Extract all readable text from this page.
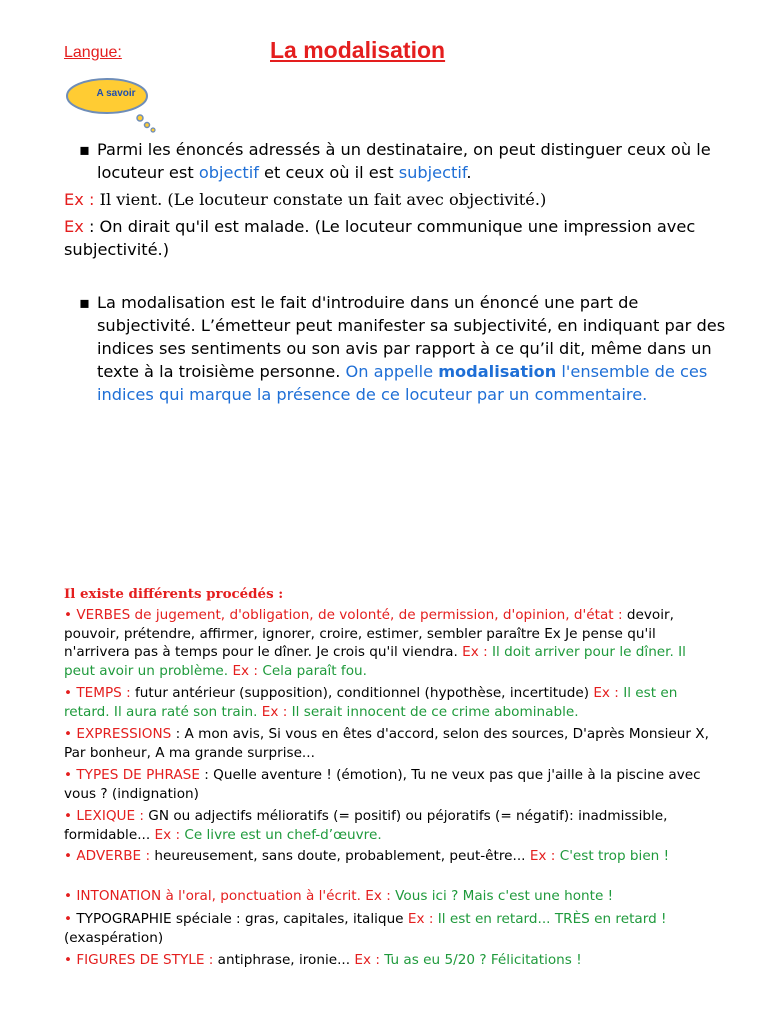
Langue:	La modalisation
A savoir
▪ Parmi les énoncés adressés à un destinataire, on peut distinguer ceux où le locuteur est objectif et ceux où il est subjectif.
Ex : Il vient. (Le locuteur constate un fait avec objectivité.)
Ex : On dirait qu'il est malade. (Le locuteur communique une impression avec subjectivité.)
▪ La modalisation est le fait d'introduire dans un énoncé une part de subjectivité. L’émetteur peut manifester sa subjectivité, en indiquant par des indices ses sentiments ou son avis par rapport à ce qu’il dit, même dans un texte à la troisième personne. On appelle modalisation l'ensemble de ces indices qui marque la présence de ce locuteur par un commentaire.
Il existe différents procédés :
• VERBES de jugement, d'obligation, de volonté, de permission, d'opinion, d'état : devoir, pouvoir, prétendre, affirmer, ignorer, croire, estimer, sembler paraître Ex Je pense qu'il n'arrivera pas à temps pour le dîner. Je crois qu'il viendra. Ex : Il doit arriver pour le dîner. Il peut avoir un problème. Ex : Cela paraît fou.
• TEMPS : futur antérieur (supposition), conditionnel (hypothèse, incertitude) Ex : Il est en retard. Il aura raté son train. Ex : Il serait innocent de ce crime abominable.
• EXPRESSIONS : A mon avis, Si vous en êtes d'accord, selon des sources, D'après Monsieur X, Par bonheur, A ma grande surprise...
• TYPES DE PHRASE : Quelle aventure ! (émotion), Tu ne veux pas que j'aille à la piscine avec vous ? (indignation)
• LEXIQUE : GN ou adjectifs mélioratifs (= positif) ou péjoratifs (= négatif): inadmissible, formidable... Ex : Ce livre est un chef-d’œuvre.
• ADVERBE : heureusement, sans doute, probablement, peut-être... Ex : C'est trop bien !
• INTONATION à l'oral, ponctuation à l'écrit. Ex : Vous ici ? Mais c'est une honte !
• TYPOGRAPHIE spéciale : gras, capitales, italique Ex : Il est en retard... TRÈS en retard ! (exaspération)
• FIGURES DE STYLE : antiphrase, ironie... Ex : Tu as eu 5/20 ? Félicitations !
